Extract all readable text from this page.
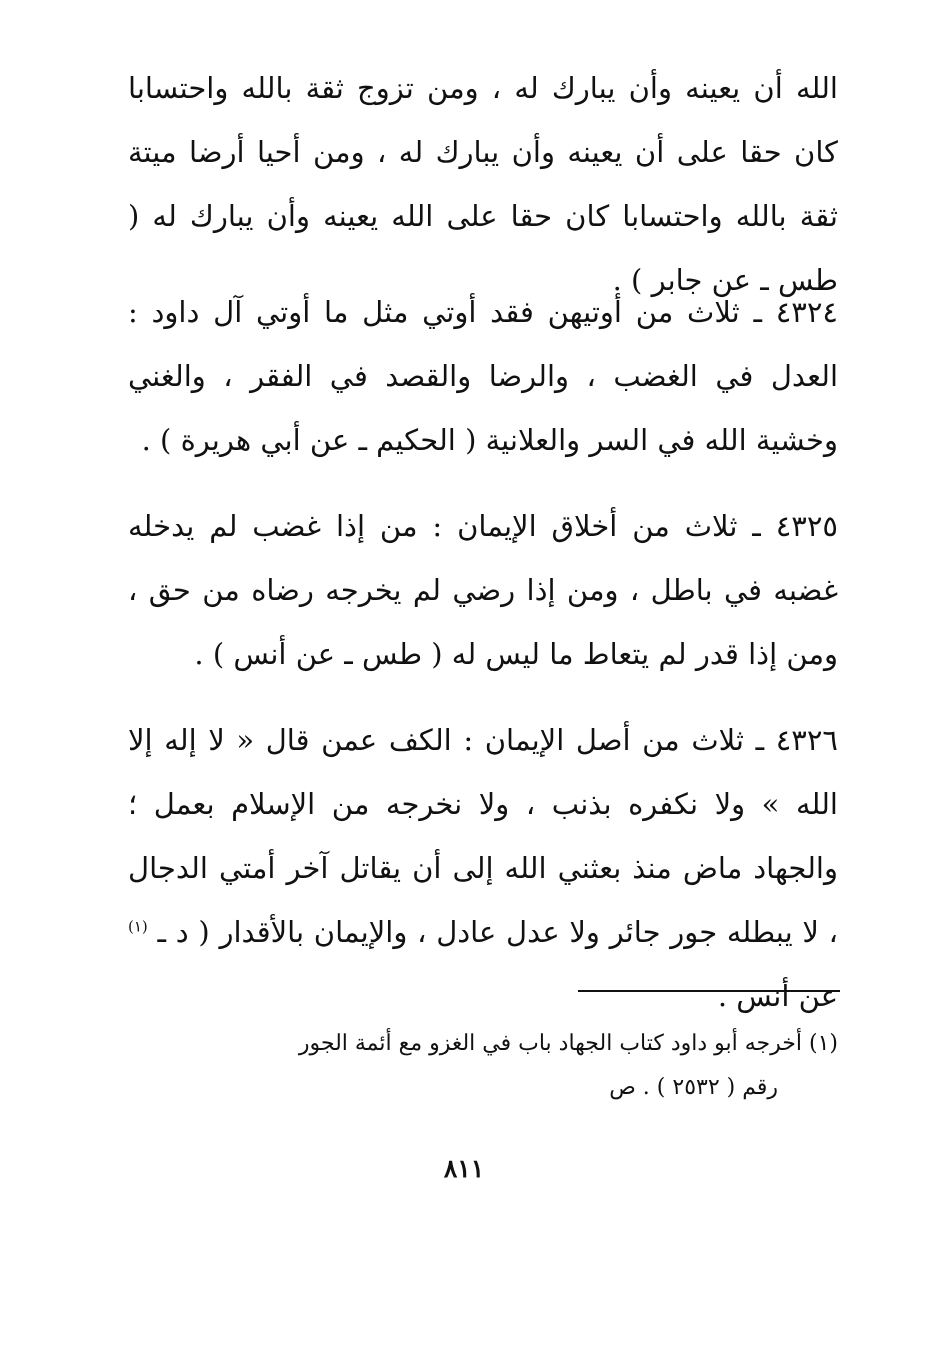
الله أن يعينه وأن يبارك له ، ومن تزوج ثقة بالله واحتسابا كان حقا على أن يعينه وأن يبارك له ، ومن أحيا أرضا ميتة ثقة بالله واحتسابا كان حقا على الله يعينه وأن يبارك له ( طس ـ عن جابر ) .

٤٣٢٤ ـ ثلاث من أوتيهن فقد أوتي مثل ما أوتي آل داود : العدل في الغضب ، والرضا والقصد في الفقر ، والغني وخشية الله في السر والعلانية ( الحكيم ـ عن أبي هريرة ) .

٤٣٢٥ ـ ثلاث من أخلاق الإيمان : من إذا غضب لم يدخله غضبه في باطل ، ومن إذا رضي لم يخرجه رضاه من حق ، ومن إذا قدر لم يتعاط ما ليس له ( طس ـ عن أنس ) .

٤٣٢٦ ـ ثلاث من أصل الإيمان : الكف عمن قال « لا إله إلا الله » ولا نكفره بذنب ، ولا نخرجه من الإسلام بعمل ؛ والجهاد ماض منذ بعثني الله إلى أن يقاتل آخر أمتي الدجال ، لا يبطله جور جائر ولا عدل عادل ، والإيمان بالأقدار ( د ـ $^{(١)}$ عن أنس .

(١) أخرجه أبو داود كتاب الجهاد باب في الغزو مع أئمة الجور

رقم ( ٢٥٣٢ ) . ص

٨١١
